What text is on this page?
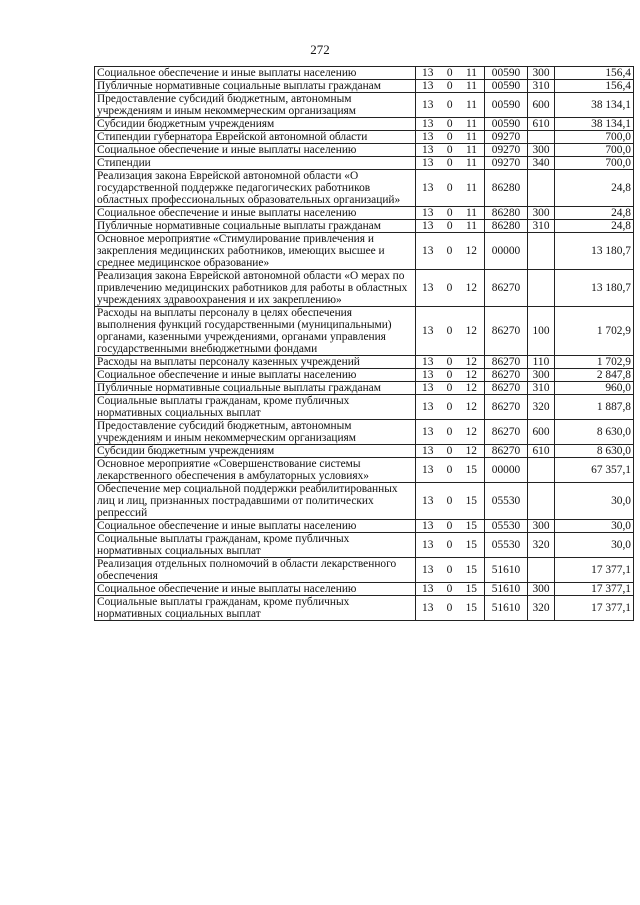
272
Социальное обеспечение и иные выплаты населению	13 0 11	00590	300	156,4
Публичные нормативные социальные выплаты гражданам	13 0 11	00590	310	156,4
Предоставление субсидий бюджетным, автономным учреждениям и иным некоммерческим организациям	13 0 11	00590	600	38 134,1
Субсидии бюджетным учреждениям	13 0 11	00590	610	38 134,1
Стипендии губернатора Еврейской автономной области	13 0 11	09270		700,0
Социальное обеспечение и иные выплаты населению	13 0 11	09270	300	700,0
Стипендии	13 0 11	09270	340	700,0
Реализация закона Еврейской автономной области «О государственной поддержке педагогических работников областных профессиональных образовательных организаций»	13 0 11	86280		24,8
Социальное обеспечение и иные выплаты населению	13 0 11	86280	300	24,8
Публичные нормативные социальные выплаты гражданам	13 0 11	86280	310	24,8
Основное мероприятие «Стимулирование привлечения и закрепления медицинских работников, имеющих высшее и среднее медицинское образование»	13 0 12	00000		13 180,7
Реализация закона Еврейской автономной области «О мерах по привлечению медицинских работников для работы в областных учреждениях здравоохранения и их закреплению»	13 0 12	86270		13 180,7
Расходы на выплаты персоналу в целях обеспечения выполнения функций государственными (муниципальными) органами, казенными учреждениями, органами управления государственными внебюджетными фондами	13 0 12	86270	100	1 702,9
Расходы на выплаты персоналу казенных учреждений	13 0 12	86270	110	1 702,9
Социальное обеспечение и иные выплаты населению	13 0 12	86270	300	2 847,8
Публичные нормативные социальные выплаты гражданам	13 0 12	86270	310	960,0
Социальные выплаты гражданам, кроме публичных нормативных социальных выплат	13 0 12	86270	320	1 887,8
Предоставление субсидий бюджетным, автономным учреждениям и иным некоммерческим организациям	13 0 12	86270	600	8 630,0
Субсидии бюджетным учреждениям	13 0 12	86270	610	8 630,0
Основное мероприятие «Совершенствование системы лекарственного обеспечения в амбулаторных условиях»	13 0 15	00000		67 357,1
Обеспечение мер социальной поддержки реабилитированных лиц и лиц, признанных пострадавшими от политических репрессий	13 0 15	05530		30,0
Социальное обеспечение и иные выплаты населению	13 0 15	05530	300	30,0
Социальные выплаты гражданам, кроме публичных нормативных социальных выплат	13 0 15	05530	320	30,0
Реализация отдельных полномочий в области лекарственного обеспечения	13 0 15	51610		17 377,1
Социальное обеспечение и иные выплаты населению	13 0 15	51610	300	17 377,1
Социальные выплаты гражданам, кроме публичных нормативных социальных выплат	13 0 15	51610	320	17 377,1
